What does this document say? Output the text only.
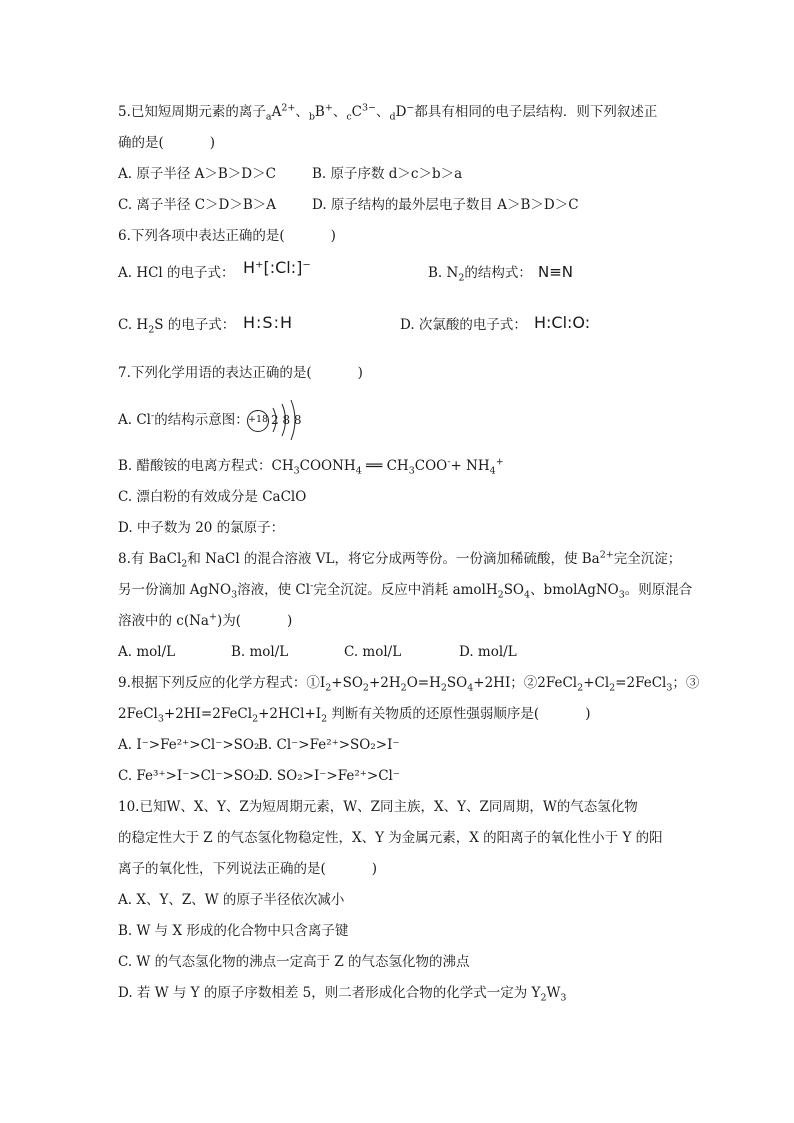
5.已知短周期元素的离子$_aA^{2+}$、$_b$B+、$_cC^{3-}$、$_d$D−都具有相同的电子层结构．则下列叙述正
确的是(	)
A. 原子半径 A＞B＞D＞C	B. 原子序数 d＞c＞b＞a
C. 离子半径 C＞D＞B＞A	D. 原子结构的最外层电子数目 A＞B＞D＞C
6.下列各项中表达正确的是(	)
A. HCl 的电子式： H⁺[:Cl:]⁻	B. $N_2$的结构式： N≡N
C. $H_2S$ 的电子式： H:S:H	D. 次氯酸的电子式： H:Cl:O:
7.下列化学用语的表达正确的是(	)
A. Cl-的结构示意图： +18 2 8 8
B. 醋酸铵的电离方程式：$CH_3COONH_4$ ══ $CH_3COO^-+ NH_4^+$
C. 漂白粉的有效成分是 CaClO
D. 中子数为 20 的氯原子：
8.有 BaCl$_2$和 NaCl 的混合溶液 VL，将它分成两等份。一份滴加稀硫酸，使 $Ba^{2+}$完全沉淀；
另一份滴加 AgNO$_3$溶液，使 Cl-完全沉淀。反应中消耗 $amolH_2SO_4$、bmolAgNO$_3$。则原混合
溶液中的 c(Na+)为(	)
A. mol/L	B. mol/L	C. mol/L	D. mol/L
9.根据下列反应的化学方程式：$①I_2+SO_2+2H_2O=H_2SO_4+2HI$；$②2FeCl_2+Cl_2=2FeCl_3$；③
$2FeCl_3+2HI=2FeCl_2+2HCl+I_2$ 判断有关物质的还原性强弱顺序是(	)
A. I⁻>Fe²⁺>Cl⁻>SO₂
B. Cl⁻>Fe²⁺>SO₂>I⁻
C. Fe³⁺>I⁻>Cl⁻>SO₂
D. SO₂>I⁻>Fe²⁺>Cl⁻
10.已知W、X、Y、Z为短周期元素，W、Z同主族，X、Y、Z同周期，W的气态氢化物
的稳定性大于 Z 的气态氢化物稳定性，X、Y 为金属元素，X 的阳离子的氧化性小于 Y 的阳
离子的氧化性，下列说法正确的是(	)
A. X、Y、Z、W 的原子半径依次减小
B. W 与 X 形成的化合物中只含离子键
C. W 的气态氢化物的沸点一定高于 Z 的气态氢化物的沸点
D. 若 W 与 Y 的原子序数相差 5，则二者形成化合物的化学式一定为 $Y_2W_3$
